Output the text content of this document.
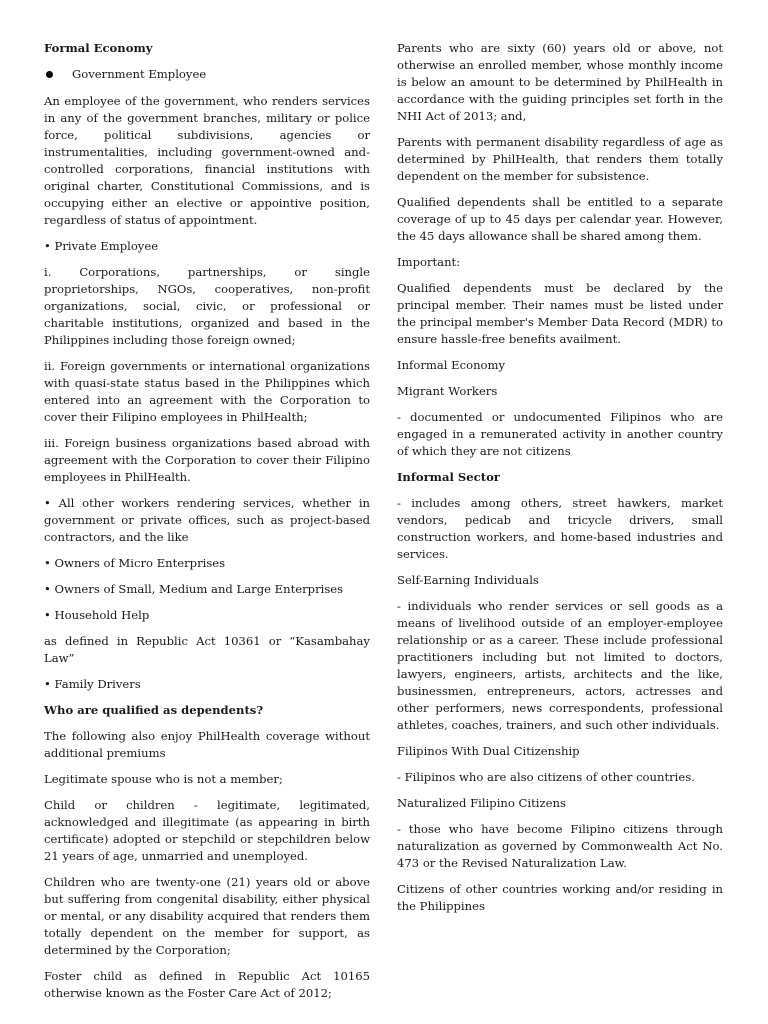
Formal Economy

Government Employee

An employee of the government, who renders services in any of the government branches, military or police force, political subdivisions, agencies or instrumentalities, including government-owned and-controlled corporations, financial institutions with original charter, Constitutional Commissions, and is occupying either an elective or appointive position, regardless of status of appointment.

• Private Employee

i. Corporations, partnerships, or single proprietorships, NGOs, cooperatives, non-profit organizations, social, civic, or professional or charitable institutions, organized and based in the Philippines including those foreign owned;

ii. Foreign governments or international organizations with quasi-state status based in the Philippines which entered into an agreement with the Corporation to cover their Filipino employees in PhilHealth;

iii. Foreign business organizations based abroad with agreement with the Corporation to cover their Filipino employees in PhilHealth.

• All other workers rendering services, whether in government or private offices, such as project-based contractors, and the like

• Owners of Micro Enterprises

• Owners of Small, Medium and Large Enterprises

• Household Help

as defined in Republic Act 10361 or “Kasambahay Law”

• Family Drivers

Who are qualified as dependents?

The following also enjoy PhilHealth coverage without additional premiums

Legitimate spouse who is not a member;

Child or children - legitimate, legitimated, acknowledged and illegitimate (as appearing in birth certificate) adopted or stepchild or stepchildren below 21 years of age, unmarried and unemployed.

Children who are twenty-one (21) years old or above but suffering from congenital disability, either physical or mental, or any disability acquired that renders them totally dependent on the member for support, as determined by the Corporation;

Foster child as defined in Republic Act 10165 otherwise known as the Foster Care Act of 2012;

Parents who are sixty (60) years old or above, not otherwise an enrolled member, whose monthly income is below an amount to be determined by PhilHealth in accordance with the guiding principles set forth in the NHI Act of 2013; and,

Parents with permanent disability regardless of age as determined by PhilHealth, that renders them totally dependent on the member for subsistence.

Qualified dependents shall be entitled to a separate coverage of up to 45 days per calendar year. However, the 45 days allowance shall be shared among them.

Important:

Qualified dependents must be declared by the principal member. Their names must be listed under the principal member's Member Data Record (MDR) to ensure hassle-free benefits availment.

Informal Economy

Migrant Workers

- documented or undocumented Filipinos who are engaged in a remunerated activity in another country of which they are not citizens

Informal Sector

- includes among others, street hawkers, market vendors, pedicab and tricycle drivers, small construction workers, and home-based industries and services.

Self-Earning Individuals

- individuals who render services or sell goods as a means of livelihood outside of an employer-employee relationship or as a career. These include professional practitioners including but not limited to doctors, lawyers, engineers, artists, architects and the like, businessmen, entrepreneurs, actors, actresses and other performers, news correspondents, professional athletes, coaches, trainers, and such other individuals.

Filipinos With Dual Citizenship

- Filipinos who are also citizens of other countries.

Naturalized Filipino Citizens

- those who have become Filipino citizens through naturalization as governed by Commonwealth Act No. 473 or the Revised Naturalization Law.

Citizens of other countries working and/or residing in the Philippines
